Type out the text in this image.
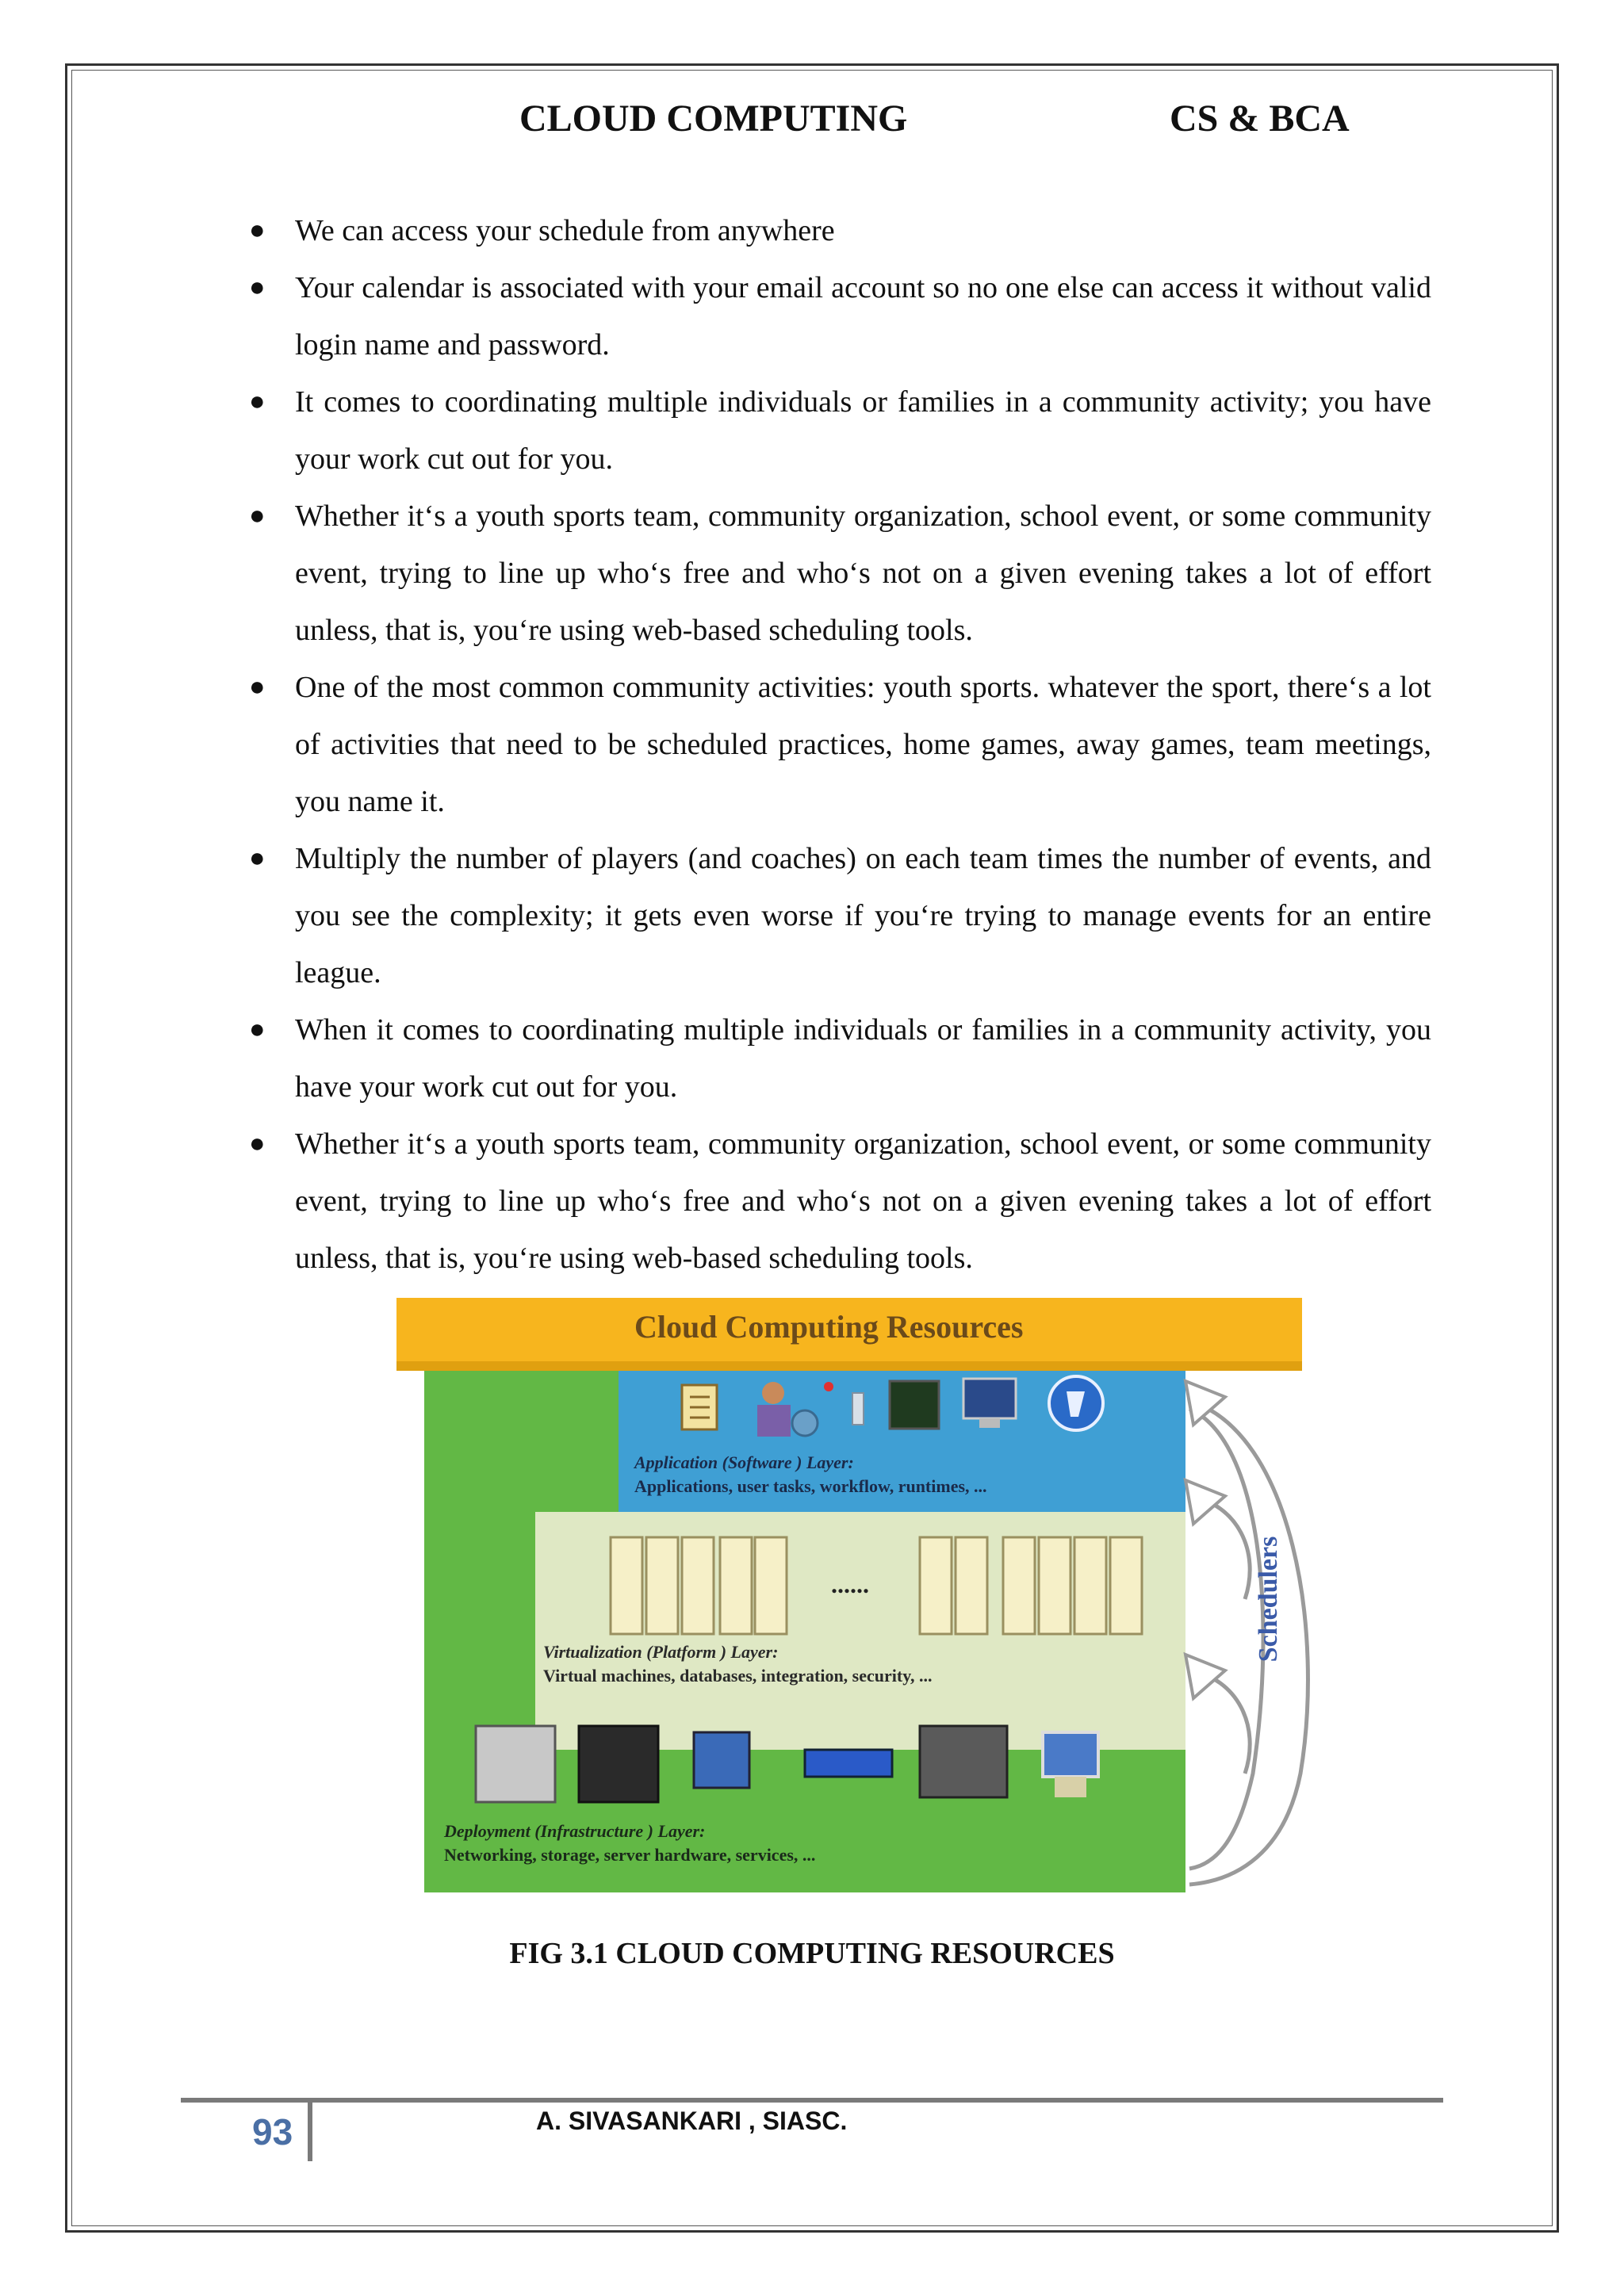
CLOUD COMPUTING	CS & BCA
● We can access your schedule from anywhere
● Your calendar is associated with your email account so no one else can access it without valid login name and password.
● It comes to coordinating multiple individuals or families in a community activity; you have your work cut out for you.
● Whether it‘s a youth sports team, community organization, school event, or some community event, trying to line up who‘s free and who‘s not on a given evening takes a lot of effort unless, that is, you‘re using web-based scheduling tools.
● One of the most common community activities: youth sports. whatever the sport, there‘s a lot of activities that need to be scheduled practices, home games, away games, team meetings, you name it.
● Multiply the number of players (and coaches) on each team times the number of events, and you see the complexity; it gets even worse if you‘re trying to manage events for an entire league.
● When it comes to coordinating multiple individuals or families in a community activity, you have your work cut out for you.
● Whether it‘s a youth sports team, community organization, school event, or some community event, trying to line up who‘s free and who‘s not on a given evening takes a lot of effort unless, that is, you‘re using web-based scheduling tools.
Cloud Computing Resources
Application (Software ) Layer:
Applications, user tasks, workflow, runtimes, ...
......
Virtualization (Platform ) Layer:
Virtual machines, databases, integration, security, ...
Deployment (Infrastructure ) Layer:
Networking, storage, server hardware, services, ...
Schedulers
FIG 3.1 CLOUD COMPUTING RESOURCES
93	A. SIVASANKARI , SIASC.
